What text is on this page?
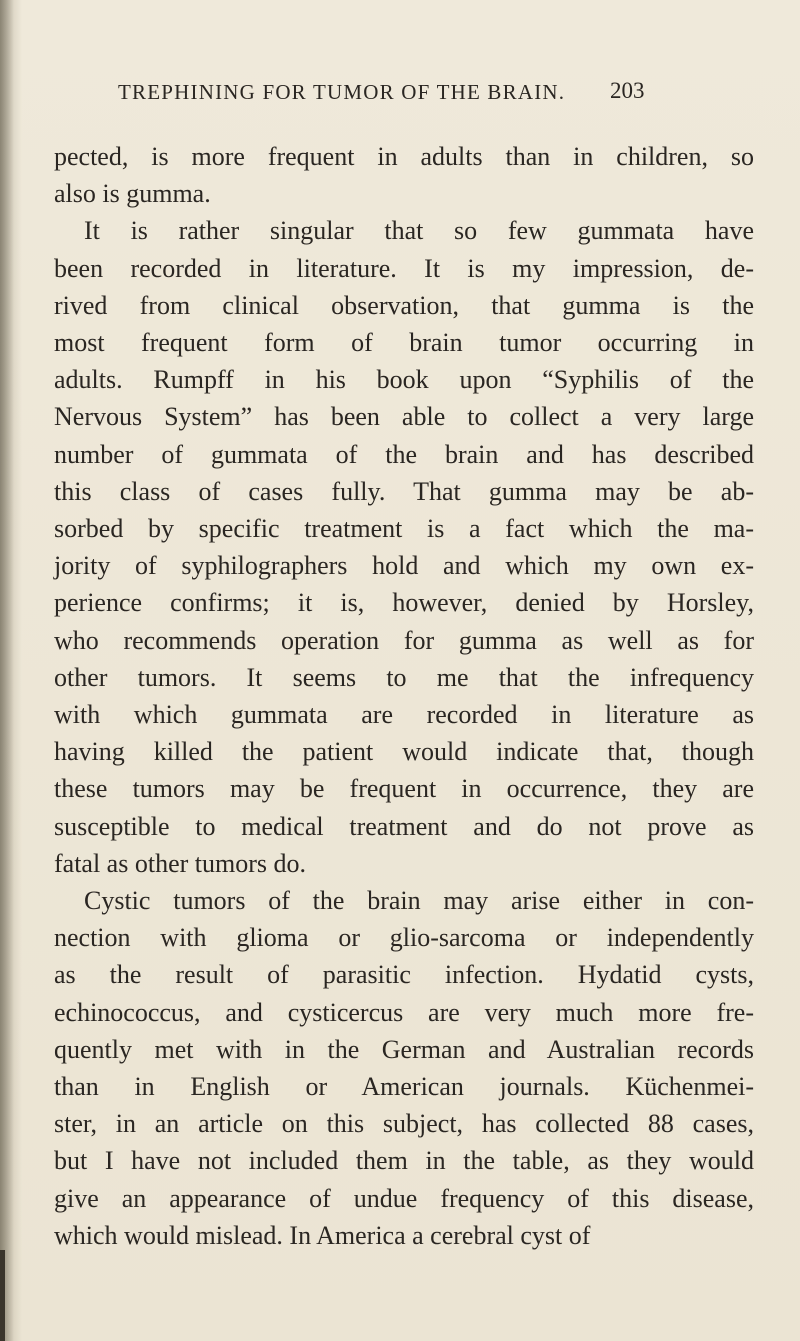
TREPHINING FOR TUMOR OF THE BRAIN.	203
pected, is more frequent in adults than in children, so
also is gumma.
It is rather singular that so few gummata have
been recorded in literature. It is my impression, de-
rived from clinical observation, that gumma is the
most frequent form of brain tumor occurring in
adults. Rumpff in his book upon “Syphilis of the
Nervous System” has been able to collect a very large
number of gummata of the brain and has described
this class of cases fully. That gumma may be ab-
sorbed by specific treatment is a fact which the ma-
jority of syphilographers hold and which my own ex-
perience confirms; it is, however, denied by Horsley,
who recommends operation for gumma as well as for
other tumors. It seems to me that the infrequency
with which gummata are recorded in literature as
having killed the patient would indicate that, though
these tumors may be frequent in occurrence, they are
susceptible to medical treatment and do not prove as
fatal as other tumors do.
Cystic tumors of the brain may arise either in con-
nection with glioma or glio-sarcoma or independently
as the result of parasitic infection. Hydatid cysts,
echinococcus, and cysticercus are very much more fre-
quently met with in the German and Australian records
than in English or American journals. Küchenmei-
ster, in an article on this subject, has collected 88 cases,
but I have not included them in the table, as they would
give an appearance of undue frequency of this disease,
which would mislead. In America a cerebral cyst of
